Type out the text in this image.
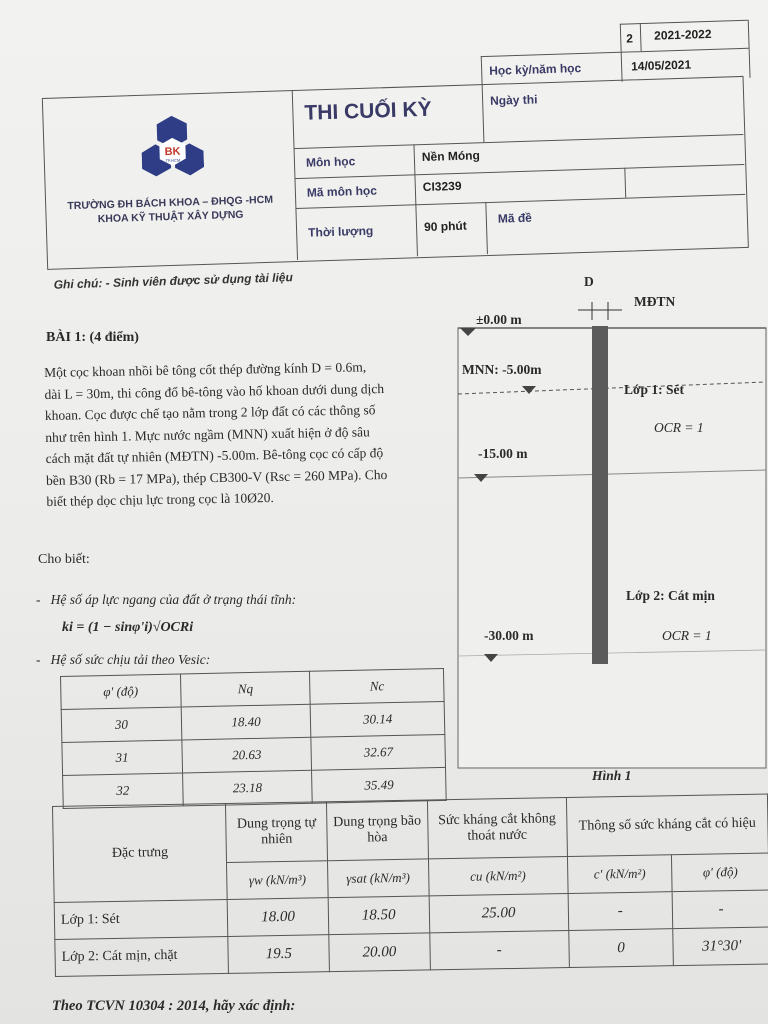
BK
TP.HCM
TRƯỜNG ĐH BÁCH KHOA – ĐHQG -HCM
KHOA KỸ THUẬT XÂY DỰNG
THI CUỐI KỲ
Học kỳ/năm học
2 2021-2022
Ngày thi
14/05/2021
Môn học	Nền Móng
Mã môn học	CI3239
Thời lượng	90 phút
Mã đề
Ghi chú: - Sinh viên được sử dụng tài liệu
BÀI 1: (4 điểm)
Một cọc khoan nhồi bê tông cốt thép đường kính D = 0.6m,
dài L = 30m, thi công đổ bê-tông vào hố khoan dưới dung dịch
khoan. Cọc được chế tạo nằm trong 2 lớp đất có các thông số
như trên hình 1. Mực nước ngầm (MNN) xuất hiện ở độ sâu
cách mặt đất tự nhiên (MĐTN) -5.00m. Bê-tông cọc có cấp độ
bền B30 (Rb = 17 MPa), thép CB300-V (Rsc = 260 MPa). Cho
biết thép dọc chịu lực trong cọc là 10Ø20.
Cho biết:
-   Hệ số áp lực ngang của đất ở trạng thái tĩnh:
ki = (1 − sinφ'i)√OCRi
-   Hệ số sức chịu tải theo Vesic:
φ' (độ)	Nq	Nc
30	18.40	30.14
31	20.63	32.67
32	23.18	35.49
Đặc trưng	Dung trọng tự nhiên	Dung trọng bão hòa	Sức kháng cắt không thoát nước	Thông số sức kháng cắt có hiệu	
	γw (kN/m³)	γsat (kN/m³)	cu (kN/m²)	c' (kN/m²)	φ' (độ)
Lớp 1: Sét	18.00	18.50	25.00	-	-
Lớp 2: Cát mịn, chặt	19.5	20.00	-	0	31°30'
Theo TCVN 10304 : 2014, hãy xác định:
D
MĐTN
±0.00 m
MNN: -5.00m
Lớp 1: Sét
OCR = 1
-15.00 m
Lớp 2: Cát mịn
OCR = 1
-30.00 m
Hình 1
